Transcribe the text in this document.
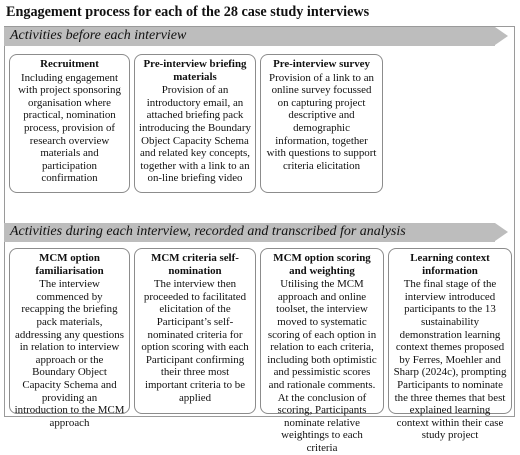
Engagement process for each of the 28 case study interviews
Activities before each interview
Recruitment
Including engagement with project sponsoring organisation where practical, nomination process, provision of research overview materials and participation confirmation
Pre-interview briefing materials
Provision of an introductory email, an attached briefing pack introducing the Boundary Object Capacity Schema and related key concepts, together with a link to an on-line briefing video
Pre-interview survey
Provision of a link to an online survey focussed on capturing project descriptive and demographic information, together with questions to support criteria elicitation
Activities during each interview, recorded and transcribed for analysis
MCM option familiarisation
The interview commenced by recapping the briefing pack materials, addressing any questions in relation to interview approach or the Boundary Object Capacity Schema and providing an introduction to the MCM approach
MCM criteria self-nomination
The interview then proceeded to facilitated elicitation of the Participant’s self-nominated criteria for option scoring with each Participant confirming their three most important criteria to be applied
MCM option scoring and weighting
Utilising the MCM approach and online toolset, the interview moved to systematic scoring of each option in relation to each criteria, including both optimistic and pessimistic scores and rationale comments. At the conclusion of scoring, Participants nominate relative weightings to each criteria
Learning context information
The final stage of the interview introduced participants to the 13 sustainability demonstration learning context themes proposed by Ferres, Moehler and Sharp (2024c), prompting Participants to nominate the three themes that best explained learning context within their case study project
